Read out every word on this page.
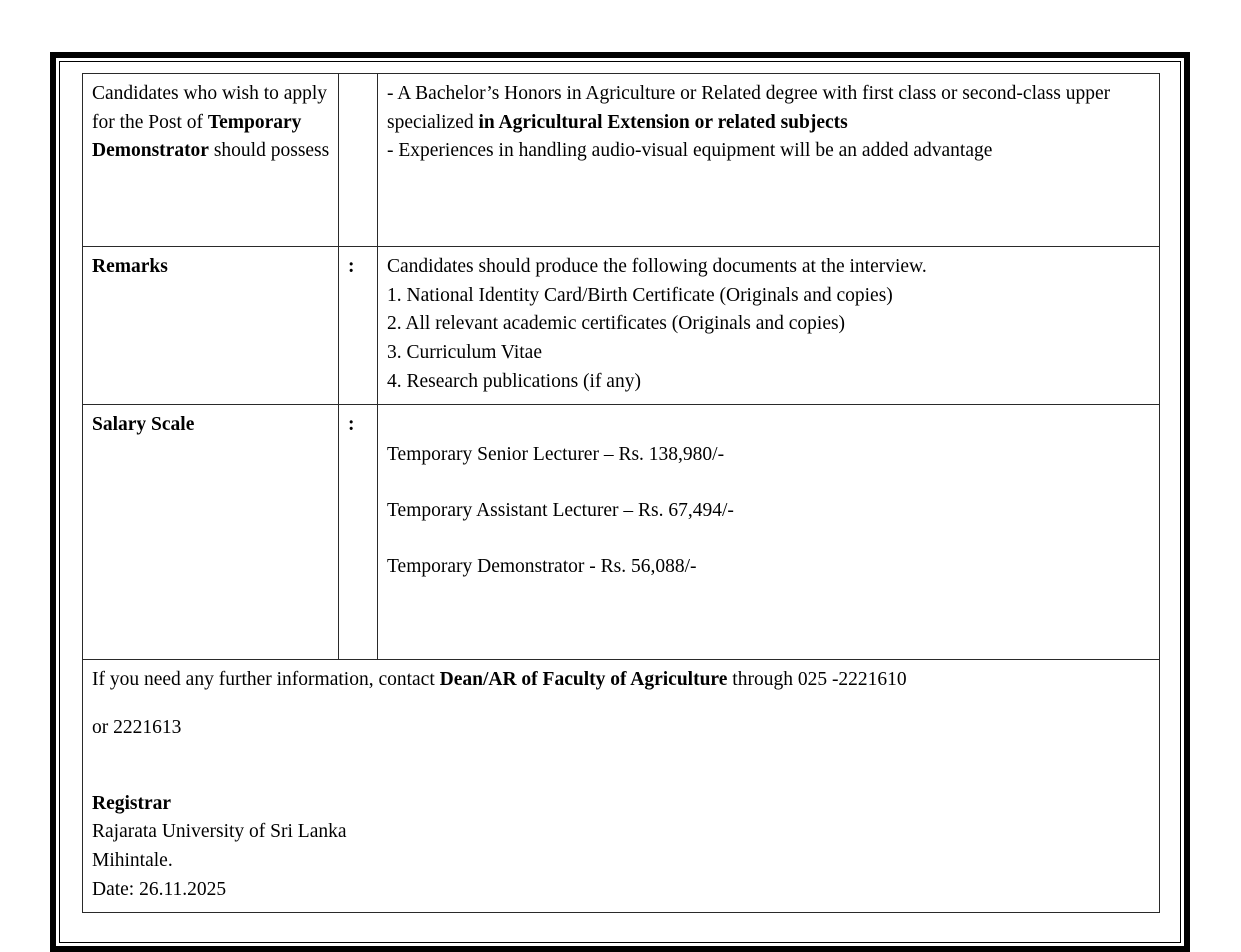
Candidates who wish to apply for the Post of Temporary Demonstrator should possess		- A Bachelor’s Honors in Agriculture or Related degree with first class or second-class upper specialized in Agricultural Extension or related subjects
- Experiences in handling audio-visual equipment will be an added advantage

Remarks	:	Candidates should produce the following documents at the interview.
1. National Identity Card/Birth Certificate (Originals and copies)
2. All relevant academic certificates (Originals and copies)
3. Curriculum Vitae
4. Research publications (if any)

Salary Scale	:	Temporary Senior Lecturer – Rs. 138,980/-
Temporary Assistant Lecturer – Rs. 67,494/-
Temporary Demonstrator - Rs. 56,088/-

If you need any further information, contact Dean/AR of Faculty of Agriculture through 025 -2221610

or 2221613

Registrar

Rajarata University of Sri Lanka

Mihintale.

Date: 26.11.2025
